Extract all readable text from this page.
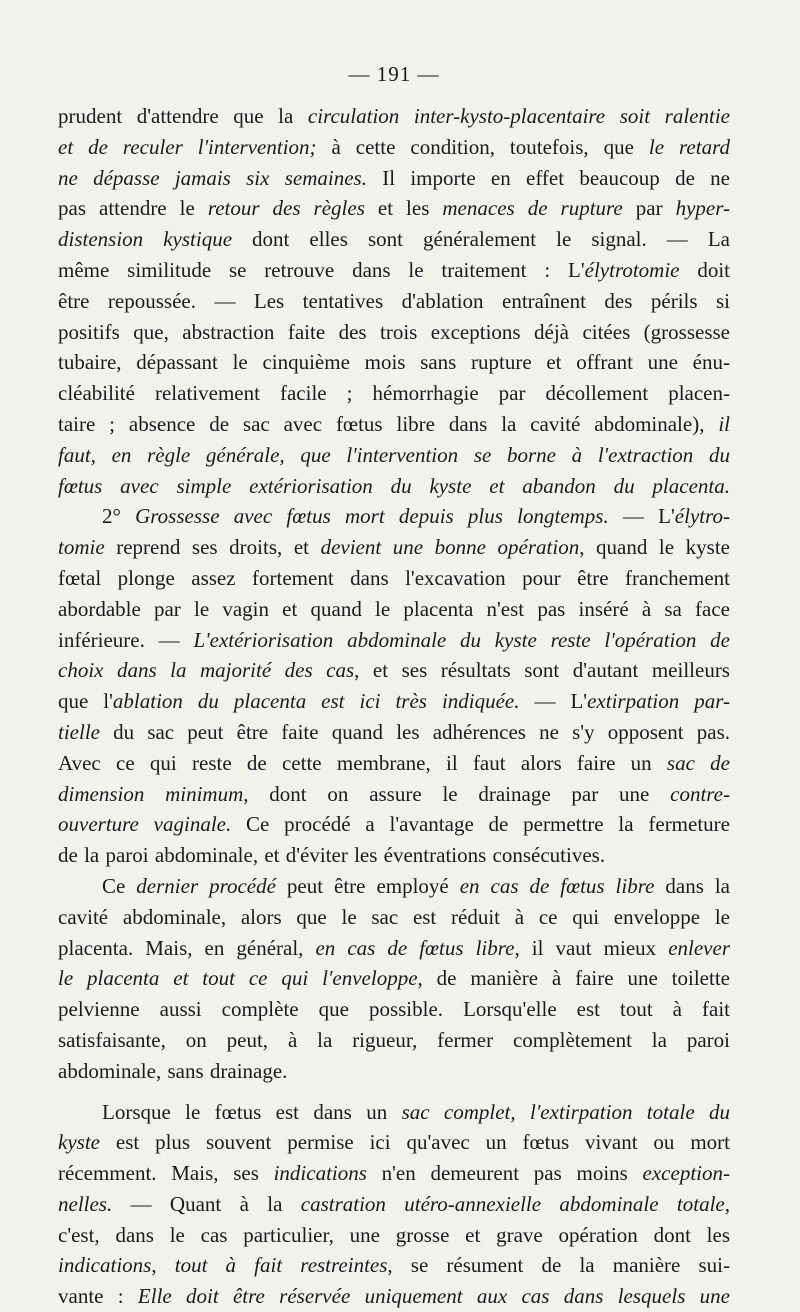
— 191 —
prudent d'attendre que la circulation inter-kysto-placentaire soit ralentie
et de reculer l'intervention; à cette condition, toutefois, que le retard
ne dépasse jamais six semaines. Il importe en effet beaucoup de ne
pas attendre le retour des règles et les menaces de rupture par hyper-
distension kystique dont elles sont généralement le signal. — La
même similitude se retrouve dans le traitement : L'élytrotomie doit
être repoussée. — Les tentatives d'ablation entraînent des périls si
positifs que, abstraction faite des trois exceptions déjà citées (grossesse
tubaire, dépassant le cinquième mois sans rupture et offrant une énu-
cléabilité relativement facile ; hémorrhagie par décollement placen-
taire ; absence de sac avec fœtus libre dans la cavité abdominale), il
faut, en règle générale, que l'intervention se borne à l'extraction du
fœtus avec simple extériorisation du kyste et abandon du placenta.
2° Grossesse avec fœtus mort depuis plus longtemps. — L'élytro-
tomie reprend ses droits, et devient une bonne opération, quand le kyste
fœtal plonge assez fortement dans l'excavation pour être franchement
abordable par le vagin et quand le placenta n'est pas inséré à sa face
inférieure. — L'extériorisation abdominale du kyste reste l'opération de
choix dans la majorité des cas, et ses résultats sont d'autant meilleurs
que l'ablation du placenta est ici très indiquée. — L'extirpation par-
tielle du sac peut être faite quand les adhérences ne s'y opposent pas.
Avec ce qui reste de cette membrane, il faut alors faire un sac de
dimension minimum, dont on assure le drainage par une contre-
ouverture vaginale. Ce procédé a l'avantage de permettre la fermeture
de la paroi abdominale, et d'éviter les éventrations consécutives.
Ce dernier procédé peut être employé en cas de fœtus libre dans la
cavité abdominale, alors que le sac est réduit à ce qui enveloppe le
placenta. Mais, en général, en cas de fœtus libre, il vaut mieux enlever
le placenta et tout ce qui l'enveloppe, de manière à faire une toilette
pelvienne aussi complète que possible. Lorsqu'elle est tout à fait
satisfaisante, on peut, à la rigueur, fermer complètement la paroi
abdominale, sans drainage.
Lorsque le fœtus est dans un sac complet, l'extirpation totale du
kyste est plus souvent permise ici qu'avec un fœtus vivant ou mort
récemment. Mais, ses indications n'en demeurent pas moins exception-
nelles. — Quant à la castration utéro-annexielle abdominale totale,
c'est, dans le cas particulier, une grosse et grave opération dont les
indications, tout à fait restreintes, se résument de la manière sui-
vante : Elle doit être réservée uniquement aux cas dans lesquels une
